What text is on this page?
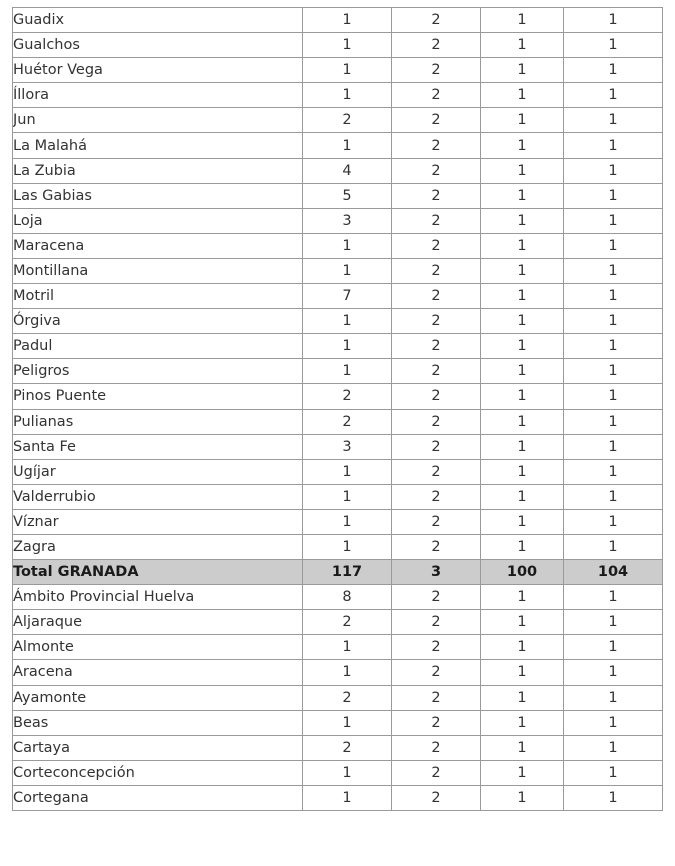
Guadix	1	2	1	1
Gualchos	1	2	1	1
Huétor Vega	1	2	1	1
Íllora	1	2	1	1
Jun	2	2	1	1
La Malahá	1	2	1	1
La Zubia	4	2	1	1
Las Gabias	5	2	1	1
Loja	3	2	1	1
Maracena	1	2	1	1
Montillana	1	2	1	1
Motril	7	2	1	1
Órgiva	1	2	1	1
Padul	1	2	1	1
Peligros	1	2	1	1
Pinos Puente	2	2	1	1
Pulianas	2	2	1	1
Santa Fe	3	2	1	1
Ugíjar	1	2	1	1
Valderrubio	1	2	1	1
Víznar	1	2	1	1
Zagra	1	2	1	1
Total GRANADA	117	3	100	104
Ámbito Provincial Huelva	8	2	1	1
Aljaraque	2	2	1	1
Almonte	1	2	1	1
Aracena	1	2	1	1
Ayamonte	2	2	1	1
Beas	1	2	1	1
Cartaya	2	2	1	1
Corteconcepción	1	2	1	1
Cortegana	1	2	1	1
